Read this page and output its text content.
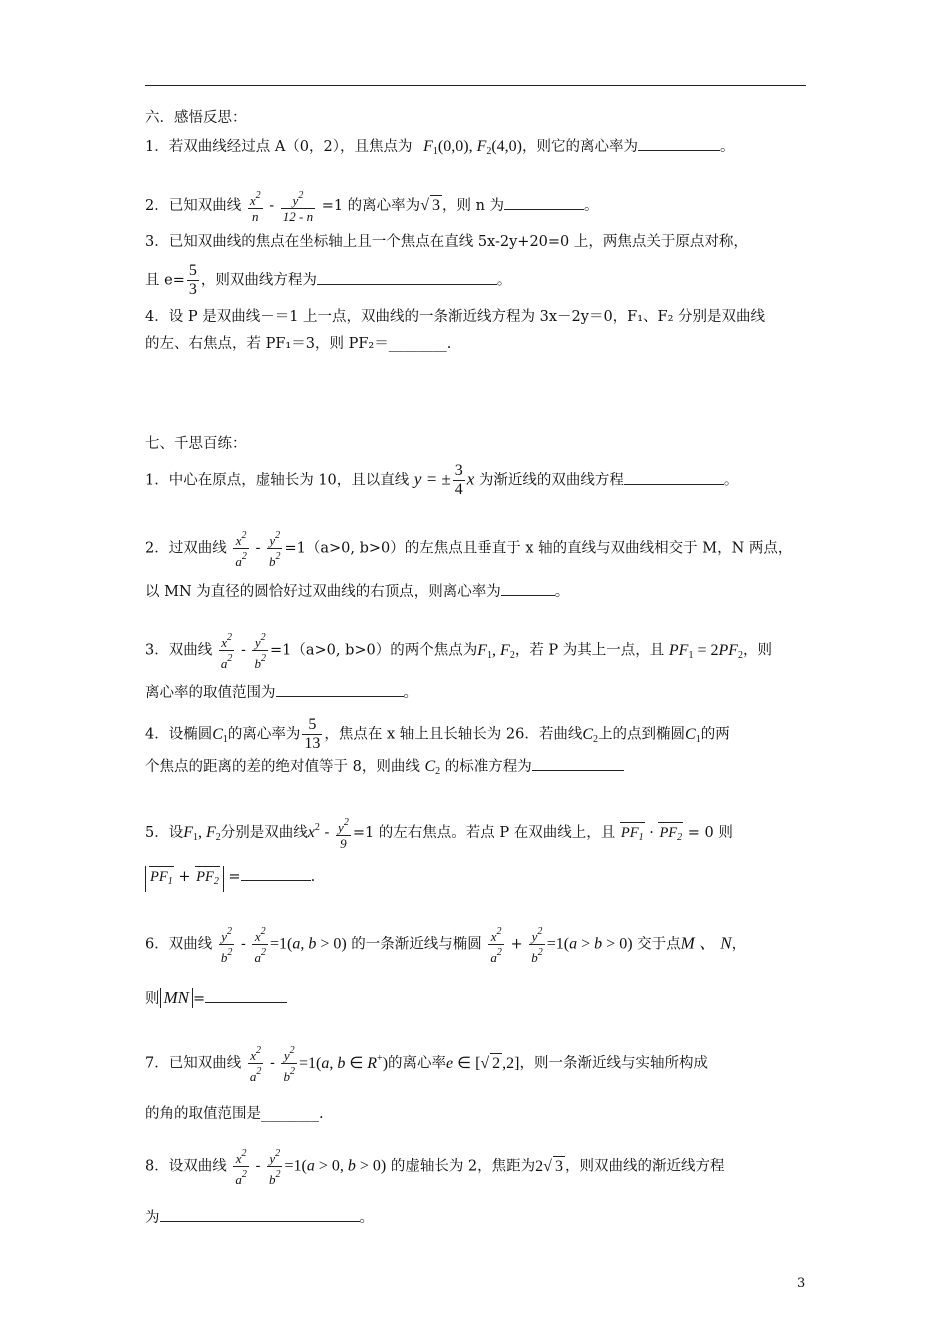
六．感悟反思：
1．若双曲线经过点 A（0，2），且焦点为 $F_1(0,0)$, $F_2(4,0)$，则它的离心率为	。
2．已知双曲线 $\frac{x^2}{n} - \frac{y^2}{12 - n} =1$ 的离心率为√ 3 ，则 n 为	。
3．已知双曲线的焦点在坐标轴上且一个焦点在直线 5x-2y+20=0 上，两焦点关于原点对称，
且 $e= \frac{5}{3}$ ，则双曲线方程为	。
4．设 P 是双曲线－＝1 上一点，双曲线的一条渐近线方程为 3x－2y＝0，F₁、F₂ 分别是双曲线
的左、右焦点，若 PF₁＝3，则 PF₂＝________.
七、千思百练：
1．中心在原点，虚轴长为 10，且以直线 y = ± $\frac{3}{4}$ x 为渐近线的双曲线方程	。
2．过双曲线 $\frac{x^2}{a^2} - \frac{y^2}{b^2} =1(a>0$, b>0）的左焦点且垂直于 x 轴的直线与双曲线相交于 M，N 两点，
以 MN 为直径的圆恰好过双曲线的右顶点，则离心率为	。
3．双曲线 $\frac{x^2}{a^2} - \frac{y^2}{b^2} =1(a>0$, b>0）的两个焦点为$F_1$, $F_2$，若 P 为其上一点，且 $PF_1 = 2PF_2$，则
离心率的取值范围为	。
4．设椭圆$C_1$的离心率为 $\frac{5}{13}$ ，焦点在 x 轴上且长轴长为 26．若曲线$C_2$上的点到椭圆$C_1$的两
个焦点的距离的差的绝对值等于 8，则曲线 $C_2$ 的标准方程为
5．设$F_1$, $F_2$分别是双曲线$x^2 - \frac{y^2}{9} =1$ 的左右焦点。若点 P 在双曲线上，且 $PF_1 \cdot PF_2 = 0$ 则
$PF_1 + PF_2$ =	.
6．双曲线 $\frac{y^2}{b^2} - \frac{x^2}{a^2} =1(a$, b > 0) 的一条渐近线与椭圆 $\frac{x^2}{a^2} + \frac{y^2}{b^2} =1(a > b > 0)$ 交于点M 、 N，
则 MN =
7．已知双曲线 $\frac{x^2}{a^2} - \frac{y^2}{b^2} =1(a$, b ∈ R+)的离心率e ∈ [√ 2 ,2]，则一条渐近线与实轴所构成
的角的取值范围是________.
8．设双曲线 $\frac{x^2}{a^2} - \frac{y^2}{b^2} =1(a > 0$, b > 0) 的虚轴长为 2，焦距为2√ 3 ，则双曲线的渐近线方程
为	。
3
